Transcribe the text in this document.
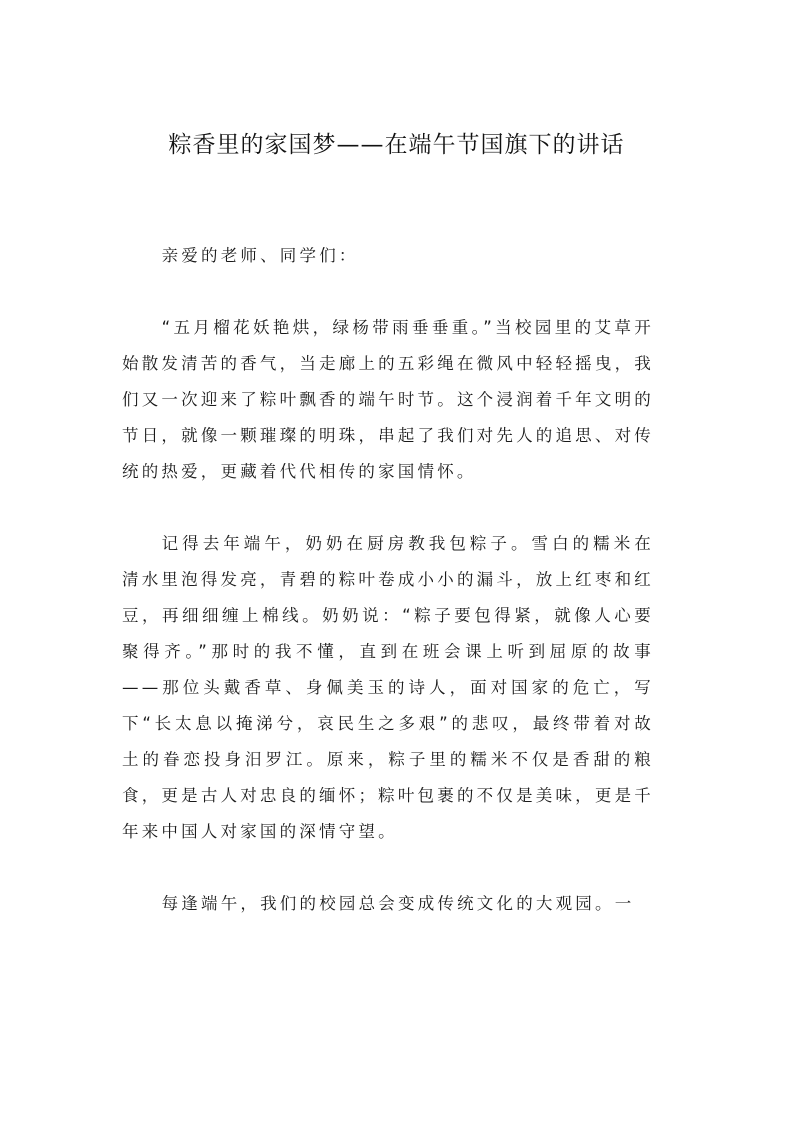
粽香里的家国梦——在端午节国旗下的讲话

亲爱的老师、同学们：

“五月榴花妖艳烘，绿杨带雨垂垂重。”当校园里的艾草开始散发清苦的香气，当走廊上的五彩绳在微风中轻轻摇曳，我们又一次迎来了粽叶飘香的端午时节。这个浸润着千年文明的节日，就像一颗璀璨的明珠，串起了我们对先人的追思、对传统的热爱，更藏着代代相传的家国情怀。

记得去年端午，奶奶在厨房教我包粽子。雪白的糯米在清水里泡得发亮，青碧的粽叶卷成小小的漏斗，放上红枣和红豆，再细细缠上棉线。奶奶说：“粽子要包得紧，就像人心要聚得齐。”那时的我不懂，直到在班会课上听到屈原的故事——那位头戴香草、身佩美玉的诗人，面对国家的危亡，写下“长太息以掩涕兮，哀民生之多艰”的悲叹，最终带着对故土的眷恋投身汨罗江。原来，粽子里的糯米不仅是香甜的粮食，更是古人对忠良的缅怀；粽叶包裹的不仅是美味，更是千年来中国人对家国的深情守望。

每逢端午，我们的校园总会变成传统文化的大观园。一
